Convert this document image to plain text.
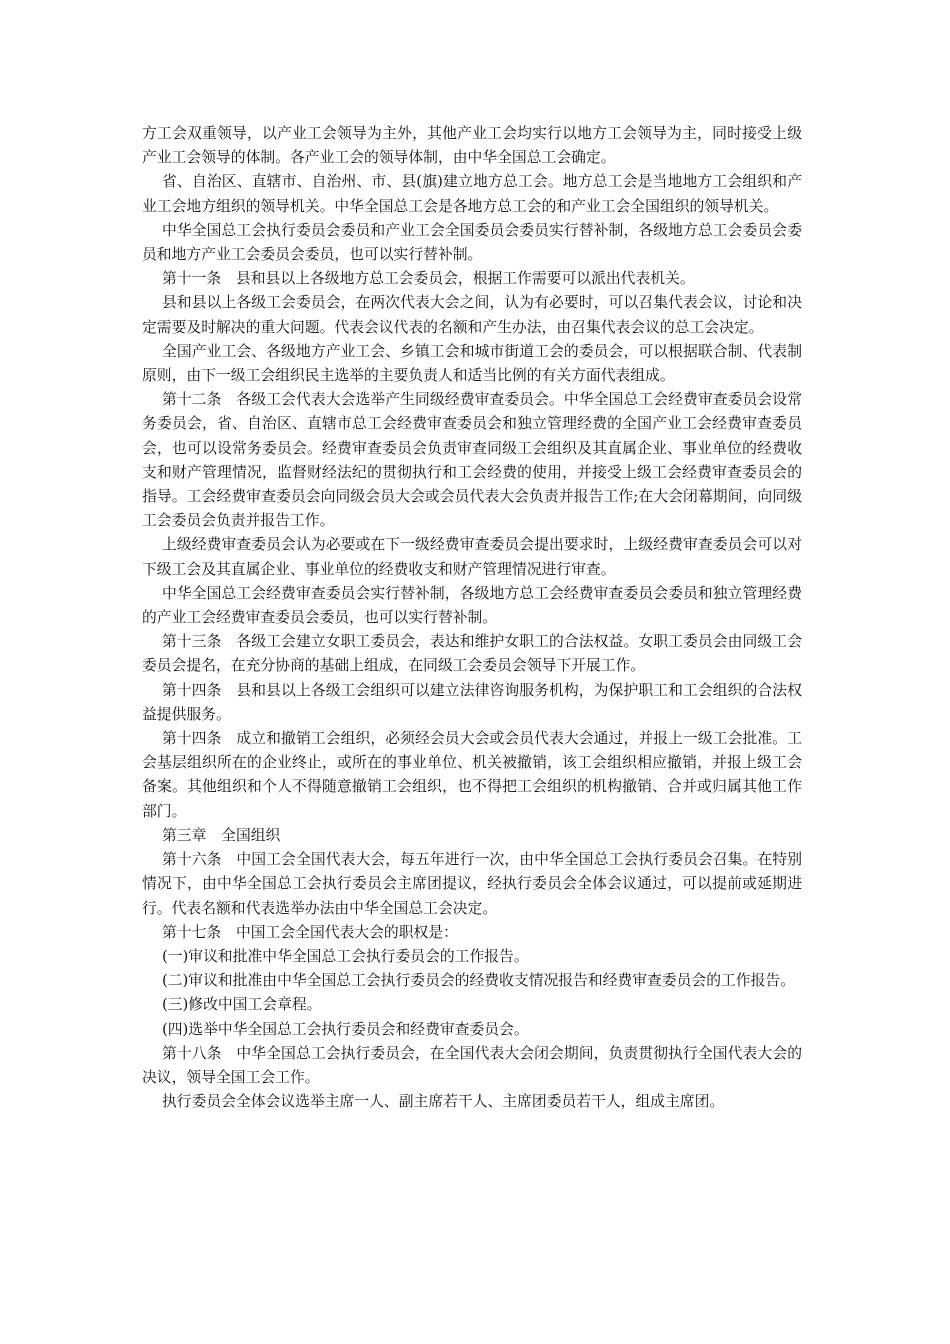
方工会双重领导，以产业工会领导为主外，其他产业工会均实行以地方工会领导为主，同时接受上级产业工会领导的体制。各产业工会的领导体制，由中华全国总工会确定。

省、自治区、直辖市、自治州、市、县(旗)建立地方总工会。地方总工会是当地地方工会组织和产业工会地方组织的领导机关。中华全国总工会是各地方总工会的和产业工会全国组织的领导机关。

中华全国总工会执行委员会委员和产业工会全国委员会委员实行替补制，各级地方总工会委员会委员和地方产业工会委员会委员，也可以实行替补制。

第十一条　县和县以上各级地方总工会委员会，根据工作需要可以派出代表机关。

县和县以上各级工会委员会，在两次代表大会之间，认为有必要时，可以召集代表会议，讨论和决定需要及时解决的重大问题。代表会议代表的名额和产生办法，由召集代表会议的总工会决定。

全国产业工会、各级地方产业工会、乡镇工会和城市街道工会的委员会，可以根据联合制、代表制原则，由下一级工会组织民主选举的主要负责人和适当比例的有关方面代表组成。

第十二条　各级工会代表大会选举产生同级经费审查委员会。中华全国总工会经费审查委员会设常务委员会，省、自治区、直辖市总工会经费审查委员会和独立管理经费的全国产业工会经费审查委员会，也可以设常务委员会。经费审查委员会负责审查同级工会组织及其直属企业、事业单位的经费收支和财产管理情况，监督财经法纪的贯彻执行和工会经费的使用，并接受上级工会经费审查委员会的指导。工会经费审查委员会向同级会员大会或会员代表大会负责并报告工作;在大会闭幕期间，向同级工会委员会负责并报告工作。

上级经费审查委员会认为必要或在下一级经费审查委员会提出要求时，上级经费审查委员会可以对下级工会及其直属企业、事业单位的经费收支和财产管理情况进行审查。

中华全国总工会经费审查委员会实行替补制，各级地方总工会经费审查委员会委员和独立管理经费的产业工会经费审查委员会委员，也可以实行替补制。

第十三条　各级工会建立女职工委员会，表达和维护女职工的合法权益。女职工委员会由同级工会委员会提名，在充分协商的基础上组成，在同级工会委员会领导下开展工作。

第十四条　县和县以上各级工会组织可以建立法律咨询服务机构，为保护职工和工会组织的合法权益提供服务。

第十四条　成立和撤销工会组织，必须经会员大会或会员代表大会通过，并报上一级工会批准。工会基层组织所在的企业终止，或所在的事业单位、机关被撤销，该工会组织相应撤销，并报上级工会备案。其他组织和个人不得随意撤销工会组织，也不得把工会组织的机构撤销、合并或归属其他工作部门。

第三章　全国组织

第十六条　中国工会全国代表大会，每五年进行一次，由中华全国总工会执行委员会召集。在特别情况下，由中华全国总工会执行委员会主席团提议，经执行委员会全体会议通过，可以提前或延期进行。代表名额和代表选举办法由中华全国总工会决定。

第十七条　中国工会全国代表大会的职权是：

(一)审议和批准中华全国总工会执行委员会的工作报告。

(二)审议和批准由中华全国总工会执行委员会的经费收支情况报告和经费审查委员会的工作报告。

(三)修改中国工会章程。

(四)选举中华全国总工会执行委员会和经费审查委员会。

第十八条　中华全国总工会执行委员会，在全国代表大会闭会期间，负责贯彻执行全国代表大会的决议，领导全国工会工作。

执行委员会全体会议选举主席一人、副主席若干人、主席团委员若干人，组成主席团。
